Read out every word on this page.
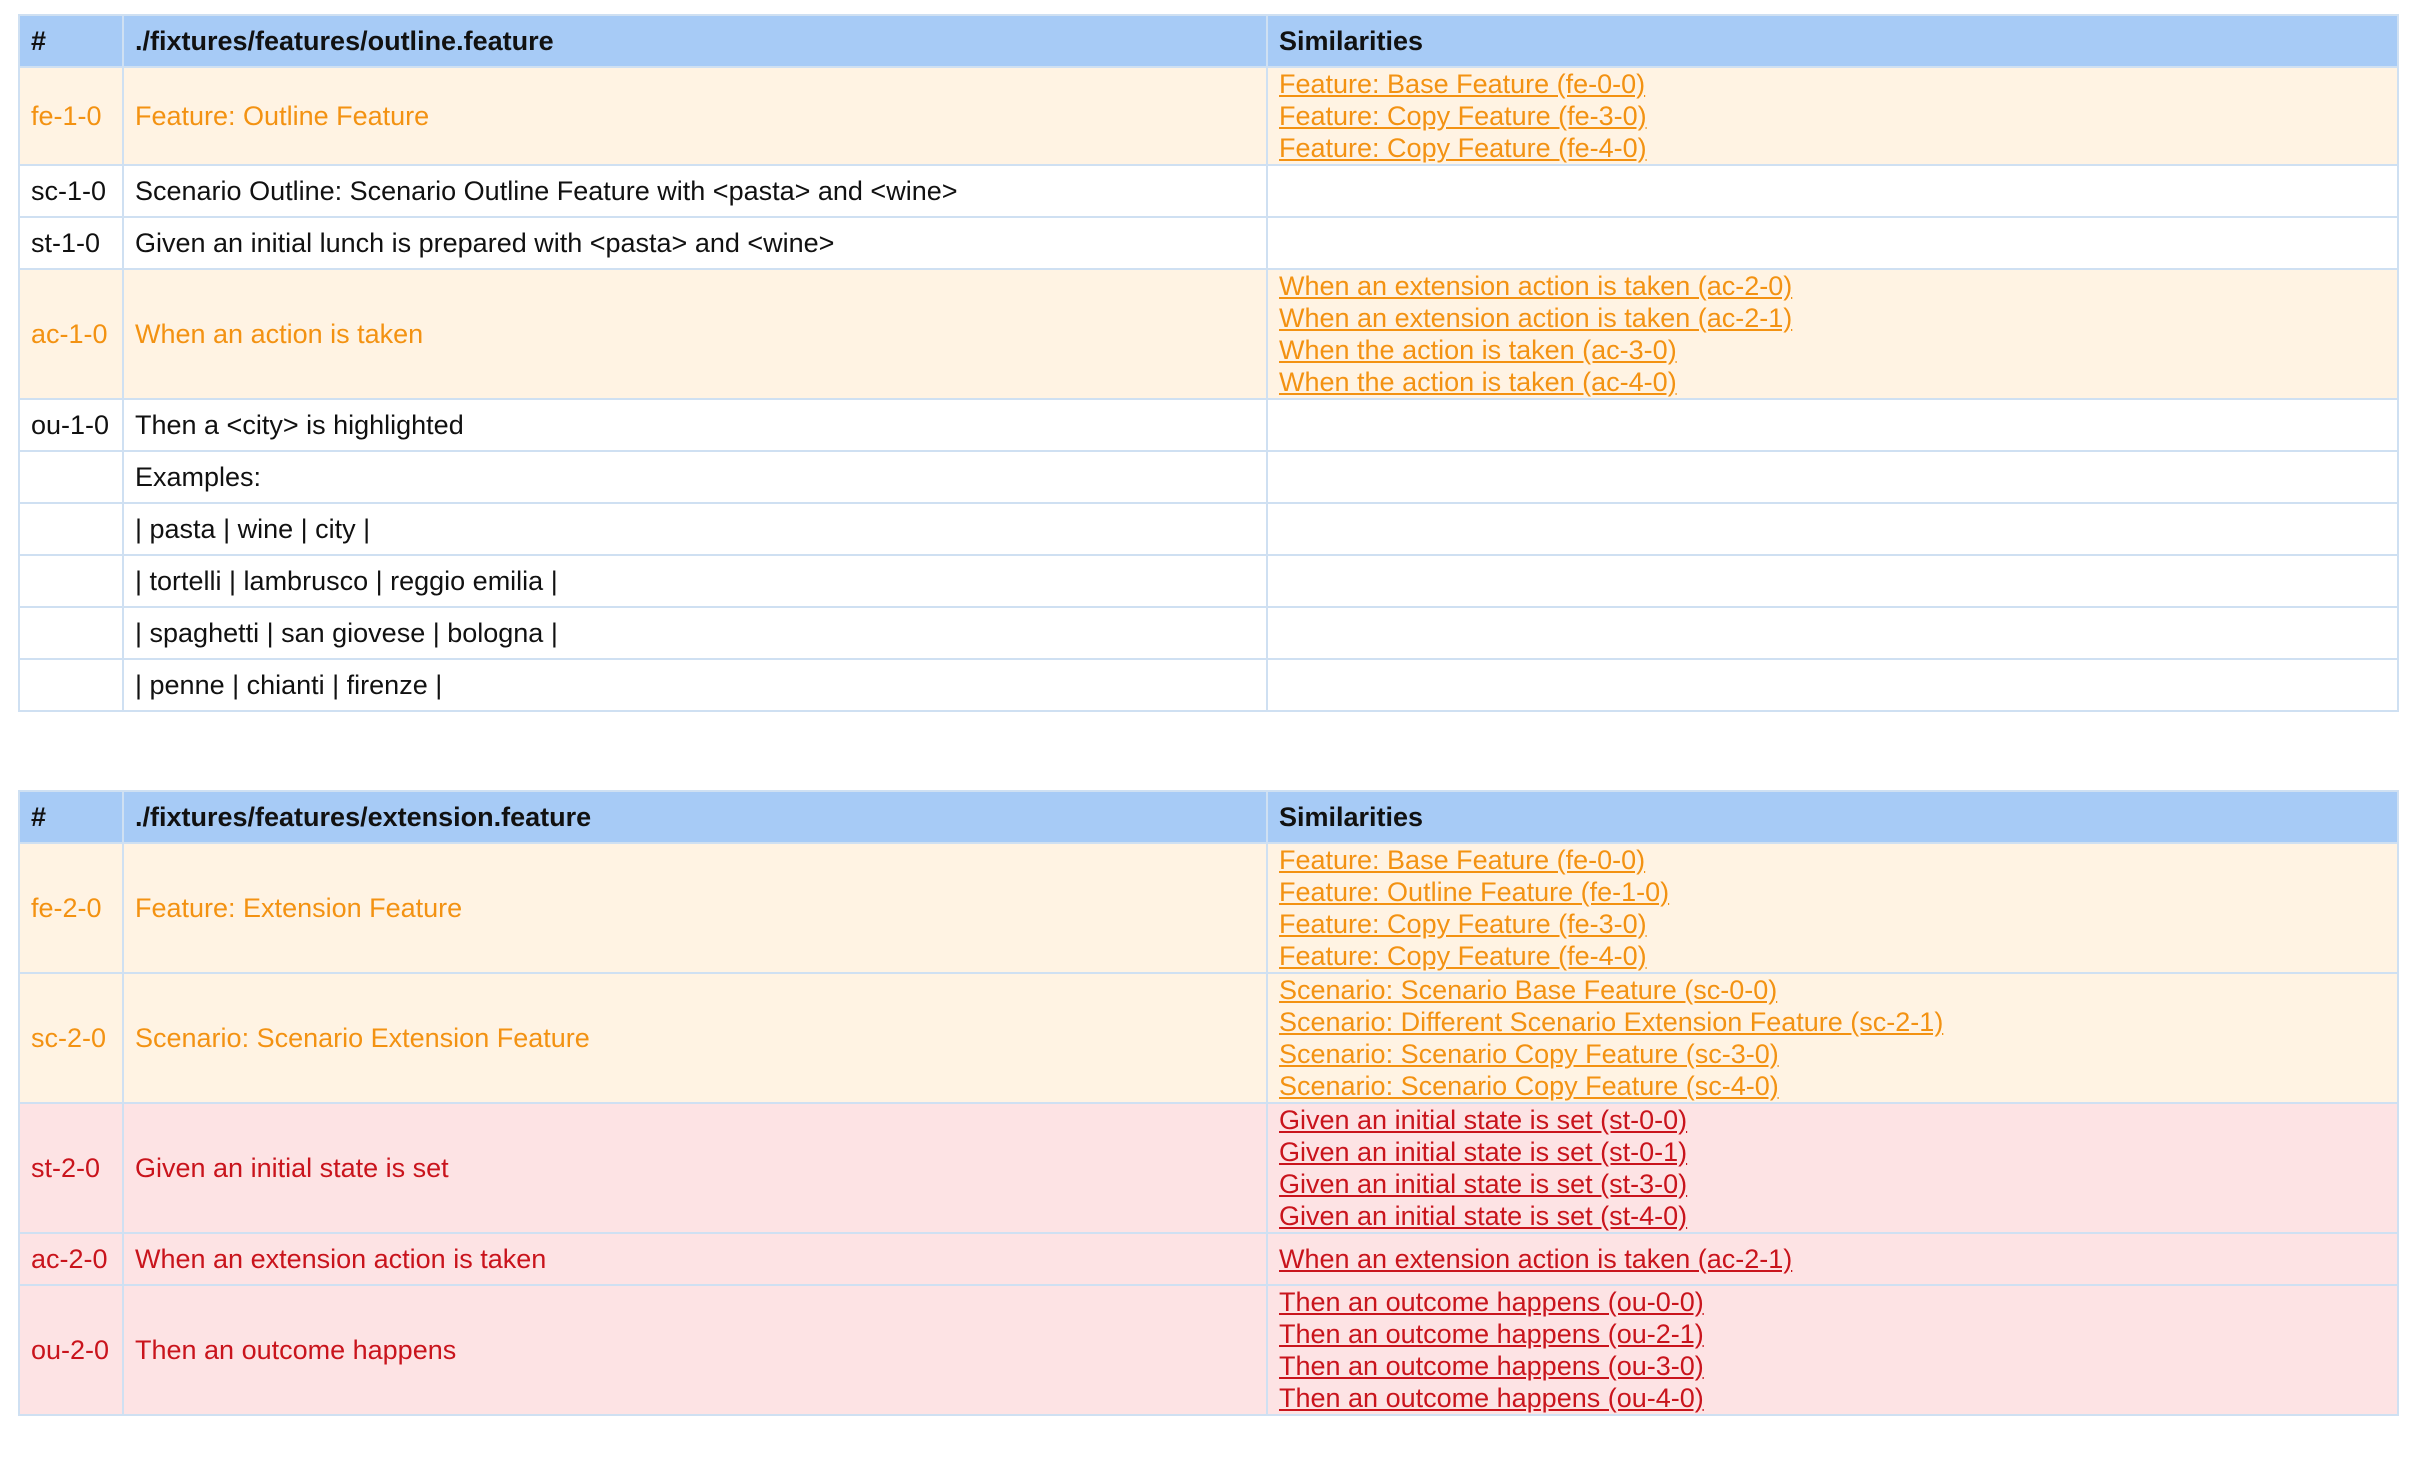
#	./fixtures/features/outline.feature	Similarities
fe-1-0	Feature: Outline Feature	Feature: Base Feature (fe-0-0)
Feature: Copy Feature (fe-3-0)
Feature: Copy Feature (fe-4-0)

sc-1-0	Scenario Outline: Scenario Outline Feature with <pasta> and <wine>	
st-1-0	Given an initial lunch is prepared with <pasta> and <wine>	
ac-1-0	When an action is taken	When an extension action is taken (ac-2-0)
When an extension action is taken (ac-2-1)
When the action is taken (ac-3-0)
When the action is taken (ac-4-0)

ou-1-0	Then a <city> is highlighted	
	Examples:	
	| pasta | wine | city |	
	| tortelli | lambrusco | reggio emilia |	
	| spaghetti | san giovese | bologna |	
	| penne | chianti | firenze |	
#	./fixtures/features/extension.feature	Similarities
fe-2-0	Feature: Extension Feature	Feature: Base Feature (fe-0-0)
Feature: Outline Feature (fe-1-0)
Feature: Copy Feature (fe-3-0)
Feature: Copy Feature (fe-4-0)

sc-2-0	Scenario: Scenario Extension Feature	Scenario: Scenario Base Feature (sc-0-0)
Scenario: Different Scenario Extension Feature (sc-2-1)
Scenario: Scenario Copy Feature (sc-3-0)
Scenario: Scenario Copy Feature (sc-4-0)

st-2-0	Given an initial state is set	Given an initial state is set (st-0-0)
Given an initial state is set (st-0-1)
Given an initial state is set (st-3-0)
Given an initial state is set (st-4-0)

ac-2-0	When an extension action is taken	When an extension action is taken (ac-2-1)

ou-2-0	Then an outcome happens	Then an outcome happens (ou-0-0)
Then an outcome happens (ou-2-1)
Then an outcome happens (ou-3-0)
Then an outcome happens (ou-4-0)
